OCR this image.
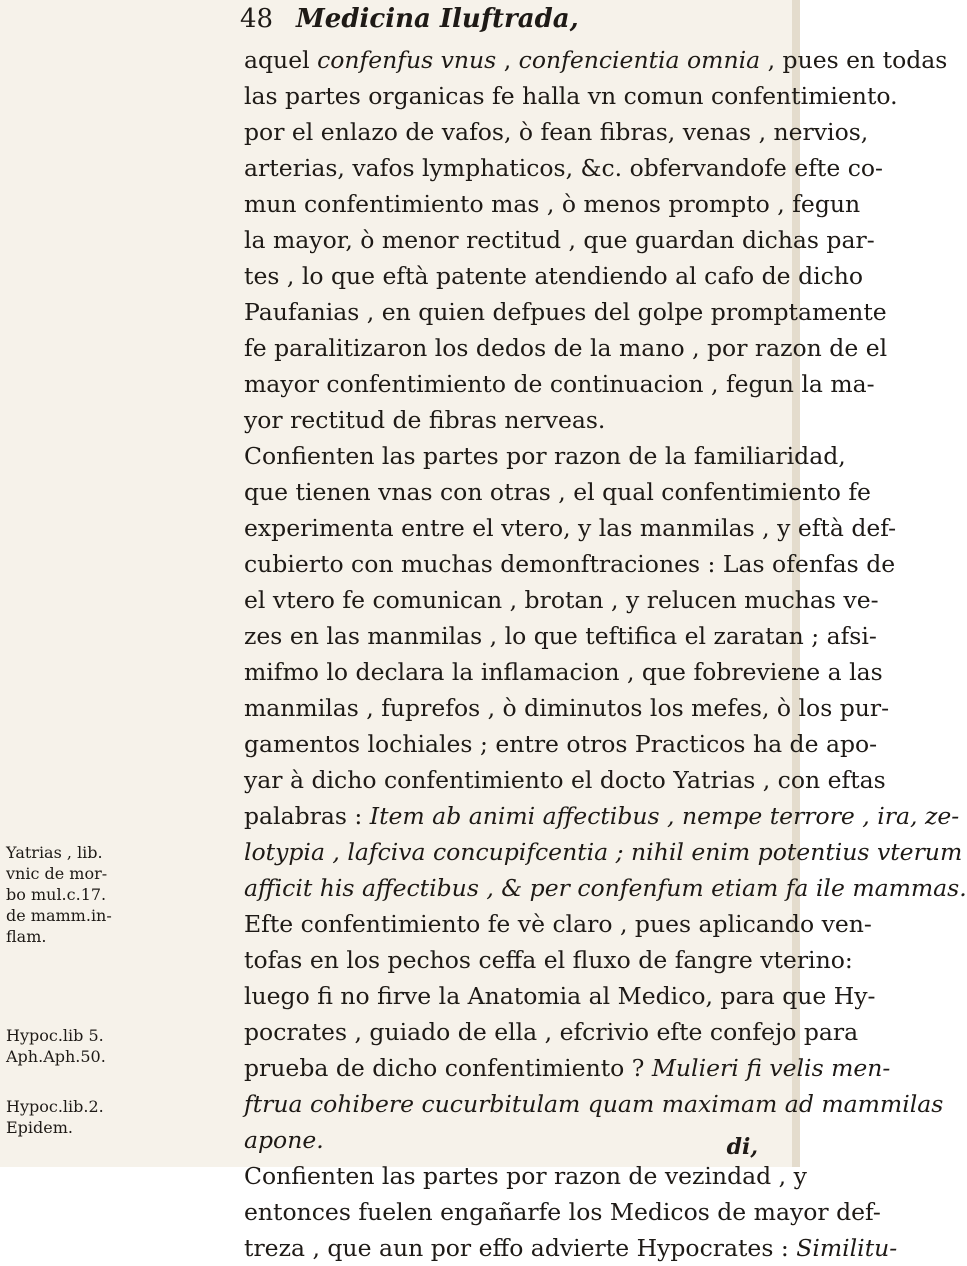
48 Medicina Iluftrada,
aquel confenfus vnus , confencientia omnia , pues en todas
las partes organicas fe halla vn comun confentimiento.
por el enlazo de vafos, ò fean fibras, venas , nervios,
arterias, vafos lymphaticos, &c. obfervandofe efte co-
mun confentimiento mas , ò menos prompto , fegun
la mayor, ò menor rectitud , que guardan dichas par-
tes , lo que eftà patente atendiendo al cafo de dicho
Paufanias , en quien defpues del golpe promptamente
fe paralitizaron los dedos de la mano , por razon de el
mayor confentimiento de continuacion , fegun la ma-
yor rectitud de fibras nerveas.
Confienten las partes por razon de la familiaridad,
que tienen vnas con otras , el qual confentimiento fe
experimenta entre el vtero, y las manmilas , y eftà def-
cubierto con muchas demonftraciones : Las ofenfas de
el vtero fe comunican , brotan , y relucen muchas ve-
zes en las manmilas , lo que teftifica el zaratan ; afsi-
mifmo lo declara la inflamacion , que fobreviene a las
manmilas , fuprefos , ò diminutos los mefes, ò los pur-
gamentos lochiales ; entre otros Practicos ha de apo-
yar à dicho confentimiento el docto Yatrias , con eftas
palabras : Item ab animi affectibus , nempe terrore , ira, ze-
lotypia , lafciva concupifcentia ; nihil enim potentius vterum
afficit his affectibus , & per confenfum etiam fa ile mammas.
Efte confentimiento fe vè claro , pues aplicando ven-
tofas en los pechos ceffa el fluxo de fangre vterino:
luego fi no firve la Anatomia al Medico, para que Hy-
pocrates , guiado de ella , efcrivio efte confejo para
prueba de dicho confentimiento ? Mulieri fi velis men-
ftrua cohibere cucurbitulam quam maximam ad mammilas
apone.
Confienten las partes por razon de vezindad , y
entonces fuelen engañarfe los Medicos de mayor def-
treza , que aun por effo advierte Hypocrates : Similitu-
Yatrias , lib.
vnic de mor-
bo mul.c.17.
de mamm.in-
flam.
Hypoc.lib 5.
Aph.Aph.50.
Hypoc.lib.2.
Epidem.
di,
